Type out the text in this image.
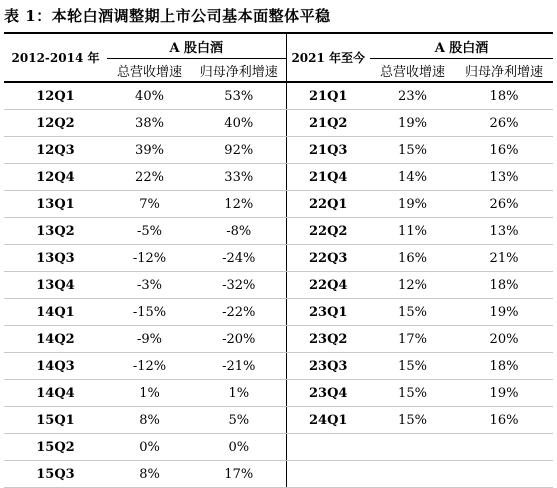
表 1：本轮白酒调整期上市公司基本面整体平稳
2012-2014 年	A 股白酒		2021 年至今	A 股白酒	
	总营收增速	归母净利增速		总营收增速	归母净利增速
12Q1	40%	53%	21Q1	23%	18%
12Q2	38%	40%	21Q2	19%	26%
12Q3	39%	92%	21Q3	15%	16%
12Q4	22%	33%	21Q4	14%	13%
13Q1	7%	12%	22Q1	19%	26%
13Q2	-5%	-8%	22Q2	11%	13%
13Q3	-12%	-24%	22Q3	16%	21%
13Q4	-3%	-32%	22Q4	12%	18%
14Q1	-15%	-22%	23Q1	15%	19%
14Q2	-9%	-20%	23Q2	17%	20%
14Q3	-12%	-21%	23Q3	15%	18%
14Q4	1%	1%	23Q4	15%	19%
15Q1	8%	5%	24Q1	15%	16%
15Q2	0%	0%			
15Q3	8%	17%			
